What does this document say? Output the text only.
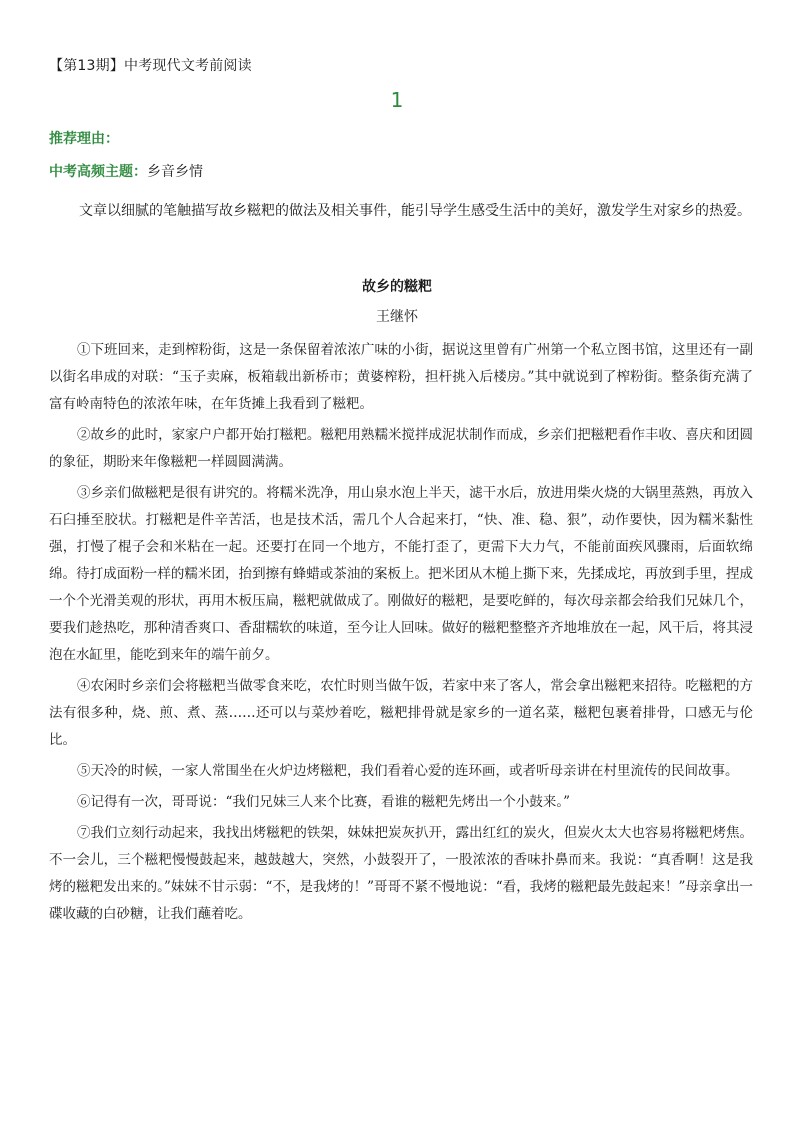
【第13期】中考现代文考前阅读
1
推荐理由：
中考高频主题：乡音乡情
文章以细腻的笔触描写故乡糍粑的做法及相关事件，能引导学生感受生活中的美好，激发学生对家乡的热爱。
故乡的糍粑
王继怀

①下班回来，走到榨粉街，这是一条保留着浓浓广味的小街，据说这里曾有广州第一个私立图书馆，这里还有一副以街名串成的对联：“玉子卖麻，板箱载出新桥市；黄婆榨粉，担杆挑入后楼房。”其中就说到了榨粉街。整条街充满了富有岭南特色的浓浓年味，在年货摊上我看到了糍粑。

②故乡的此时，家家户户都开始打糍粑。糍粑用熟糯米搅拌成泥状制作而成，乡亲们把糍粑看作丰收、喜庆和团圆的象征，期盼来年像糍粑一样圆圆满满。

③乡亲们做糍粑是很有讲究的。将糯米洗净，用山泉水泡上半天，滤干水后，放进用柴火烧的大锅里蒸熟，再放入石臼捶至胶状。打糍粑是件辛苦活，也是技术活，需几个人合起来打，“快、准、稳、狠”，动作要快，因为糯米黏性强，打慢了棍子会和米粘在一起。还要打在同一个地方，不能打歪了，更需下大力气，不能前面疾风骤雨，后面软绵绵。待打成面粉一样的糯米团，抬到擦有蜂蜡或茶油的案板上。把米团从木槌上撕下来，先揉成坨，再放到手里，捏成一个个光滑美观的形状，再用木板压扁，糍粑就做成了。刚做好的糍粑，是要吃鲜的，每次母亲都会给我们兄妹几个，要我们趁热吃，那种清香爽口、香甜糯软的味道，至今让人回味。做好的糍粑整整齐齐地堆放在一起，风干后，将其浸泡在水缸里，能吃到来年的端午前夕。

④农闲时乡亲们会将糍粑当做零食来吃，农忙时则当做午饭，若家中来了客人，常会拿出糍粑来招待。吃糍粑的方法有很多种，烧、煎、煮、蒸……还可以与菜炒着吃，糍粑排骨就是家乡的一道名菜，糍粑包裹着排骨，口感无与伦比。

⑤天冷的时候，一家人常围坐在火炉边烤糍粑，我们看着心爱的连环画，或者听母亲讲在村里流传的民间故事。

⑥记得有一次，哥哥说：“我们兄妹三人来个比赛，看谁的糍粑先烤出一个小鼓来。”

⑦我们立刻行动起来，我找出烤糍粑的铁架，妹妹把炭灰扒开，露出红红的炭火，但炭火太大也容易将糍粑烤焦。不一会儿，三个糍粑慢慢鼓起来，越鼓越大，突然，小鼓裂开了，一股浓浓的香味扑鼻而来。我说：“真香啊！这是我烤的糍粑发出来的。”妹妹不甘示弱：“不，是我烤的！”哥哥不紧不慢地说：“看，我烤的糍粑最先鼓起来！”母亲拿出一碟收藏的白砂糖，让我们蘸着吃。
